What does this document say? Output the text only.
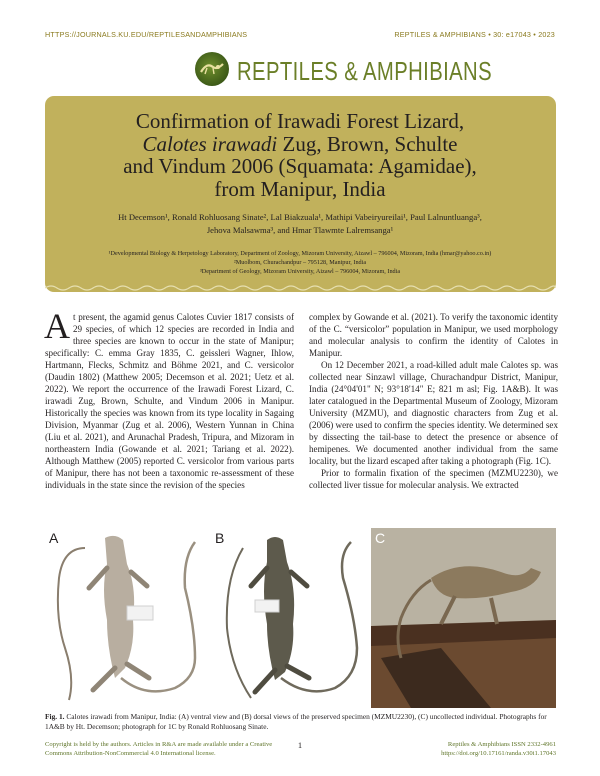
HTTPS://JOURNALS.KU.EDU/REPTILESANDAMPHIBIANS	REPTILES & AMPHIBIANS • 30: e17043 • 2023
REPTILES & AMPHIBIANS
Confirmation of Irawadi Forest Lizard,
Calotes irawadi Zug, Brown, Schulte
and Vindum 2006 (Squamata: Agamidae),
from Manipur, India
Ht Decemson¹, Ronald Rohluosang Sinate², Lal Biakzuala¹, Mathipi Vabeiryureilai¹, Paul Lalnuntluanga³,
Jehova Malsawma³, and Hmar Tlawmte Lalremsanga¹
¹Developmental Biology & Herpetology Laboratory, Department of Zoology, Mizoram University, Aizawl – 796004, Mizoram, India (hmar@yahoo.co.in)
²Muolbom, Churachandpur – 795128, Manipur, India
³Department of Geology, Mizoram University, Aizawl – 796004, Mizoram, India

At present, the agamid genus Calotes Cuvier 1817 consists of 29 species, of which 12 species are recorded in India and three species are known to occur in the state of Manipur; specifically: C. emma Gray 1835, C. geissleri Wagner, Ihlow, Hartmann, Flecks, Schmitz and Böhme 2021, and C. versicolor (Daudin 1802) (Matthew 2005; Decemson et al. 2021; Uetz et al. 2022). We report the occurrence of the Irawadi Forest Lizard, C. irawadi Zug, Brown, Schulte, and Vindum 2006 in Manipur. Historically the species was known from its type locality in Sagaing Division, Myanmar (Zug et al. 2006), Western Yunnan in China (Liu et al. 2021), and Arunachal Pradesh, Tripura, and Mizoram in northeastern India (Gowande et al. 2021; Tariang et al. 2022). Although Matthew (2005) reported C. versicolor from various parts of Manipur, there has not been a taxonomic re-assessment of these individuals in the state since the revision of the species

complex by Gowande et al. (2021). To verify the taxonomic identity of the C. “versicolor” population in Manipur, we used morphology and molecular analysis to confirm the identity of Calotes in Manipur.

On 12 December 2021, a road-killed adult male Calotes sp. was collected near Sinzawl village, Churachandpur District, Manipur, India (24°04'01" N; 93°18'14" E; 821 m asl; Fig. 1A&B). It was later catalogued in the Departmental Museum of Zoology, Mizoram University (MZMU), and diagnostic characters from Zug et al. (2006) were used to confirm the species identity. We determined sex by dissecting the tail-base to detect the presence or absence of hemipenes. We documented another individual from the same locality, but the lizard escaped after taking a photograph (Fig. 1C).

Prior to formalin fixation of the specimen (MZMU2230), we collected liver tissue for molecular analysis. We extracted

A	B	C
Fig. 1. Calotes irawadi from Manipur, India: (A) ventral view and (B) dorsal views of the preserved specimen (MZMU2230), (C) uncollected individual. Photographs for 1A&B by Ht. Decemson; photograph for 1C by Ronald Rohluosang Sinate.
Copyright is held by the authors. Articles in R&A are made available under a Creative Commons Attribution-NonCommercial 4.0 International license.
1	Reptiles & Amphibians ISSN 2332-4961
https://doi.org/10.17161/randa.v30i1.17043
